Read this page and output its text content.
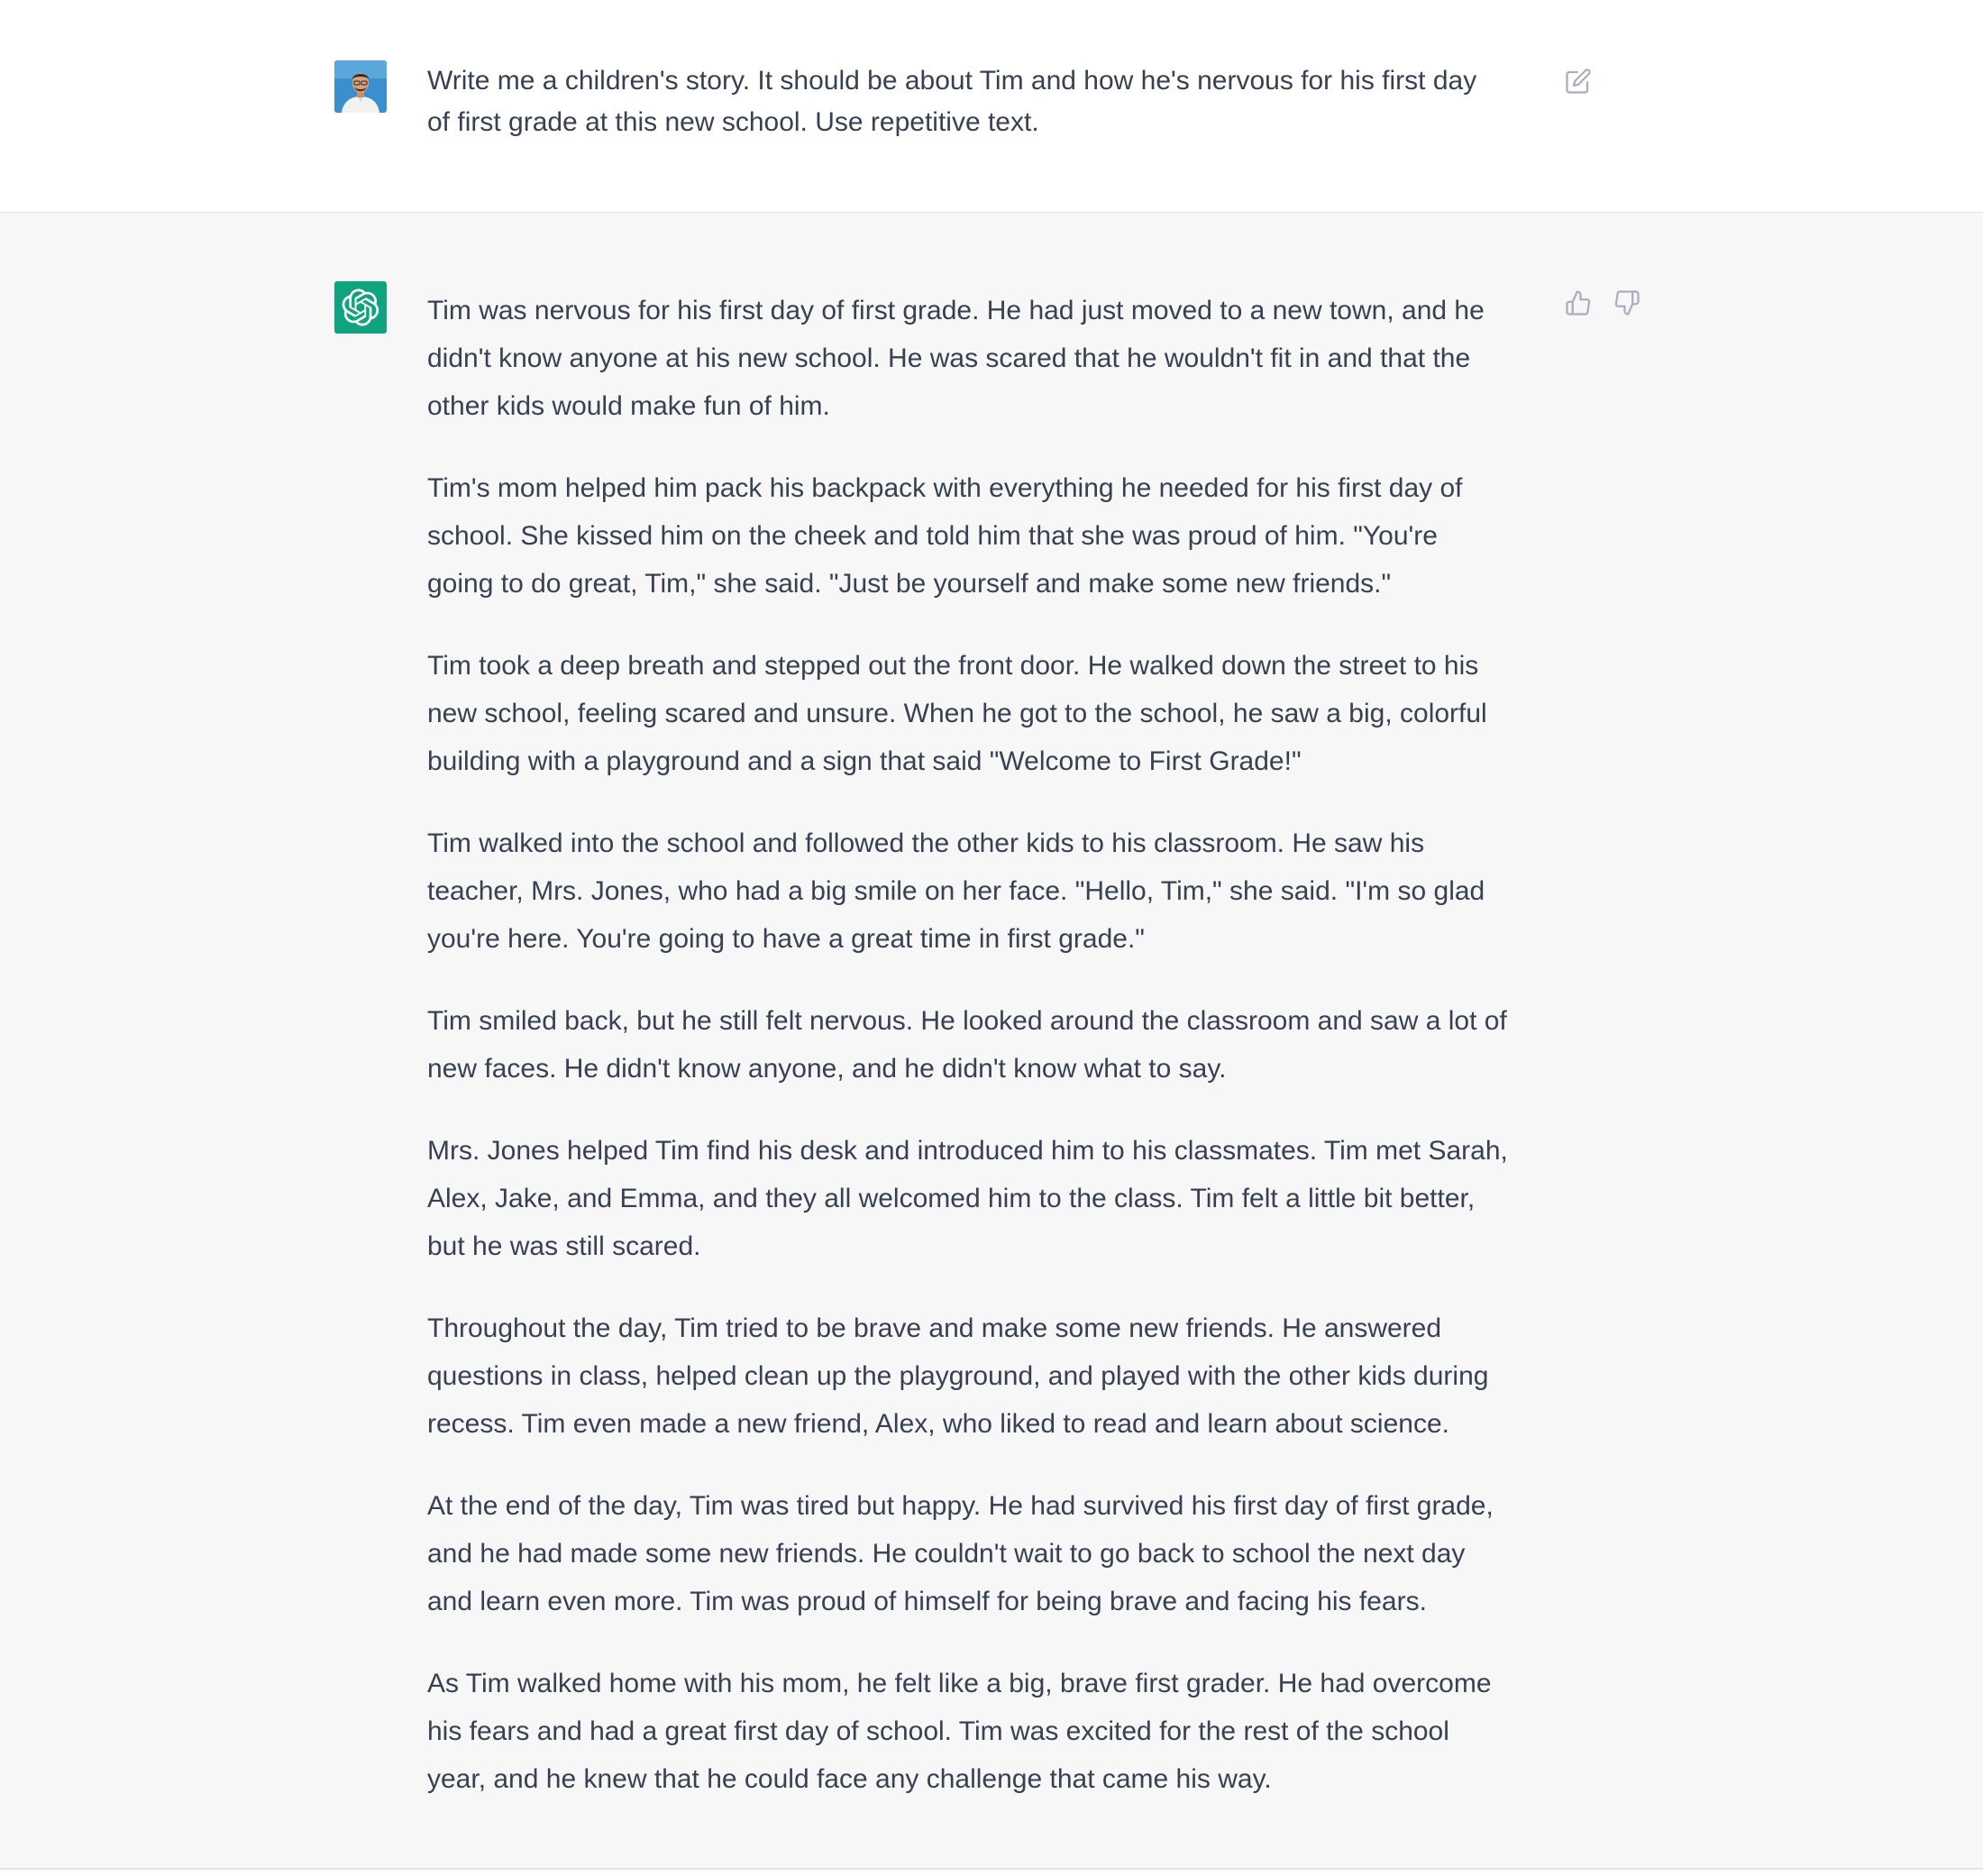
Write me a children's story. It should be about Tim and how he's nervous for his first day
of first grade at this new school. Use repetitive text.

Tim was nervous for his first day of first grade. He had just moved to a new town, and he
didn't know anyone at his new school. He was scared that he wouldn't fit in and that the
other kids would make fun of him.

Tim's mom helped him pack his backpack with everything he needed for his first day of
school. She kissed him on the cheek and told him that she was proud of him. "You're
going to do great, Tim," she said. "Just be yourself and make some new friends."

Tim took a deep breath and stepped out the front door. He walked down the street to his
new school, feeling scared and unsure. When he got to the school, he saw a big, colorful
building with a playground and a sign that said "Welcome to First Grade!"

Tim walked into the school and followed the other kids to his classroom. He saw his
teacher, Mrs. Jones, who had a big smile on her face. "Hello, Tim," she said. "I'm so glad
you're here. You're going to have a great time in first grade."

Tim smiled back, but he still felt nervous. He looked around the classroom and saw a lot of
new faces. He didn't know anyone, and he didn't know what to say.

Mrs. Jones helped Tim find his desk and introduced him to his classmates. Tim met Sarah,
Alex, Jake, and Emma, and they all welcomed him to the class. Tim felt a little bit better,
but he was still scared.

Throughout the day, Tim tried to be brave and make some new friends. He answered
questions in class, helped clean up the playground, and played with the other kids during
recess. Tim even made a new friend, Alex, who liked to read and learn about science.

At the end of the day, Tim was tired but happy. He had survived his first day of first grade,
and he had made some new friends. He couldn't wait to go back to school the next day
and learn even more. Tim was proud of himself for being brave and facing his fears.

As Tim walked home with his mom, he felt like a big, brave first grader. He had overcome
his fears and had a great first day of school. Tim was excited for the rest of the school
year, and he knew that he could face any challenge that came his way.
